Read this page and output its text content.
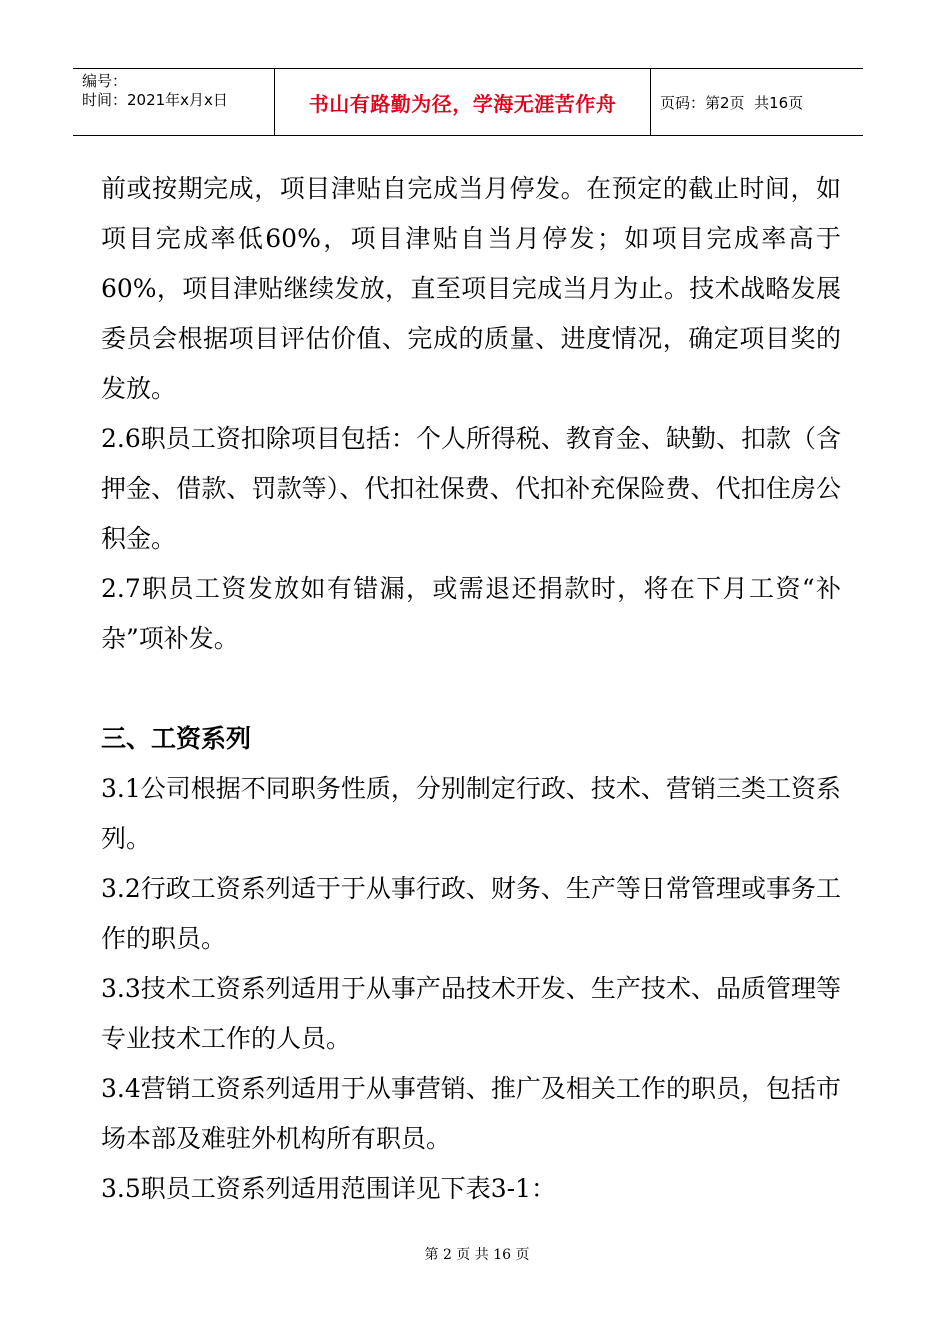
编号：
时间：2021年x月x日	书山有路勤为径，学海无涯苦作舟	页码：第2页  共16页

前或按期完成，项目津贴自完成当月停发。在预定的截止时间，如项目完成率低60%，项目津贴自当月停发；如项目完成率高于60%，项目津贴继续发放，直至项目完成当月为止。技术战略发展委员会根据项目评估价值、完成的质量、进度情况，确定项目奖的发放。

2.6职员工资扣除项目包括：个人所得税、教育金、缺勤、扣款（含押金、借款、罚款等）、代扣社保费、代扣补充保险费、代扣住房公积金。

2.7职员工资发放如有错漏，或需退还捐款时，将在下月工资“补杂”项补发。

三、工资系列

3.1公司根据不同职务性质，分别制定行政、技术、营销三类工资系列。

3.2行政工资系列适于于从事行政、财务、生产等日常管理或事务工作的职员。

3.3技术工资系列适用于从事产品技术开发、生产技术、品质管理等专业技术工作的人员。

3.4营销工资系列适用于从事营销、推广及相关工作的职员，包括市场本部及难驻外机构所有职员。

3.5职员工资系列适用范围详见下表3-1：

第 2 页 共 16 页
